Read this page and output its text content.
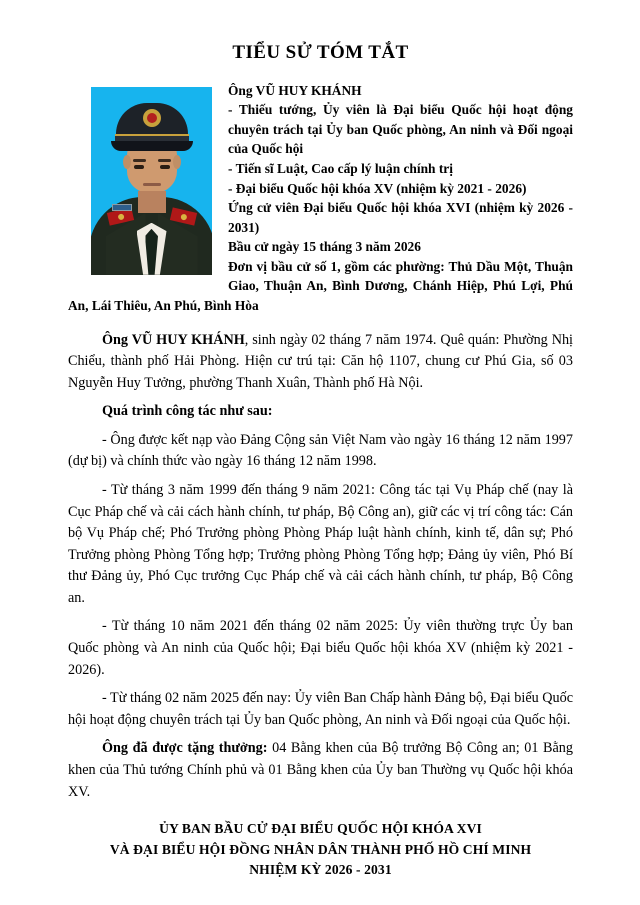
TIỂU SỬ TÓM TẮT

Ông VŨ HUY KHÁNH

- Thiếu tướng, Ủy viên là Đại biểu Quốc hội hoạt động chuyên trách tại Ủy ban Quốc phòng, An ninh và Đối ngoại của Quốc hội

- Tiến sĩ Luật, Cao cấp lý luận chính trị

- Đại biểu Quốc hội khóa XV (nhiệm kỳ 2021 - 2026)

Ứng cử viên Đại biểu Quốc hội khóa XVI (nhiệm kỳ 2026 - 2031)

Bầu cử ngày 15 tháng 3 năm 2026

Đơn vị bầu cử số 1, gồm các phường: Thủ Dầu Một, Thuận Giao, Thuận An, Bình Dương, Chánh Hiệp, Phú Lợi, Phú An, Lái Thiêu, An Phú, Bình Hòa

Ông VŨ HUY KHÁNH, sinh ngày 02 tháng 7 năm 1974. Quê quán: Phường Nhị Chiểu, thành phố Hải Phòng. Hiện cư trú tại: Căn hộ 1107, chung cư Phú Gia, số 03 Nguyễn Huy Tưởng, phường Thanh Xuân, Thành phố Hà Nội.

Quá trình công tác như sau:

- Ông được kết nạp vào Đảng Cộng sản Việt Nam vào ngày 16 tháng 12 năm 1997 (dự bị) và chính thức vào ngày 16 tháng 12 năm 1998.

- Từ tháng 3 năm 1999 đến tháng 9 năm 2021: Công tác tại Vụ Pháp chế (nay là Cục Pháp chế và cải cách hành chính, tư pháp, Bộ Công an), giữ các vị trí công tác: Cán bộ Vụ Pháp chế; Phó Trưởng phòng Phòng Pháp luật hành chính, kinh tế, dân sự; Phó Trưởng phòng Phòng Tổng hợp; Trưởng phòng Phòng Tổng hợp; Đảng ủy viên, Phó Bí thư Đảng ủy, Phó Cục trưởng Cục Pháp chế và cải cách hành chính, tư pháp, Bộ Công an.

- Từ tháng 10 năm 2021 đến tháng 02 năm 2025: Ủy viên thường trực Ủy ban Quốc phòng và An ninh của Quốc hội; Đại biểu Quốc hội khóa XV (nhiệm kỳ 2021 - 2026).

- Từ tháng 02 năm 2025 đến nay: Ủy viên Ban Chấp hành Đảng bộ, Đại biểu Quốc hội hoạt động chuyên trách tại Ủy ban Quốc phòng, An ninh và Đối ngoại của Quốc hội.

Ông đã được tặng thưởng: 04 Bằng khen của Bộ trưởng Bộ Công an; 01 Bằng khen của Thủ tướng Chính phủ và 01 Bằng khen của Ủy ban Thường vụ Quốc hội khóa XV.

ỦY BAN BẦU CỬ ĐẠI BIỂU QUỐC HỘI KHÓA XVI
VÀ ĐẠI BIỂU HỘI ĐỒNG NHÂN DÂN THÀNH PHỐ HỒ CHÍ MINH
NHIỆM KỲ 2026 - 2031
